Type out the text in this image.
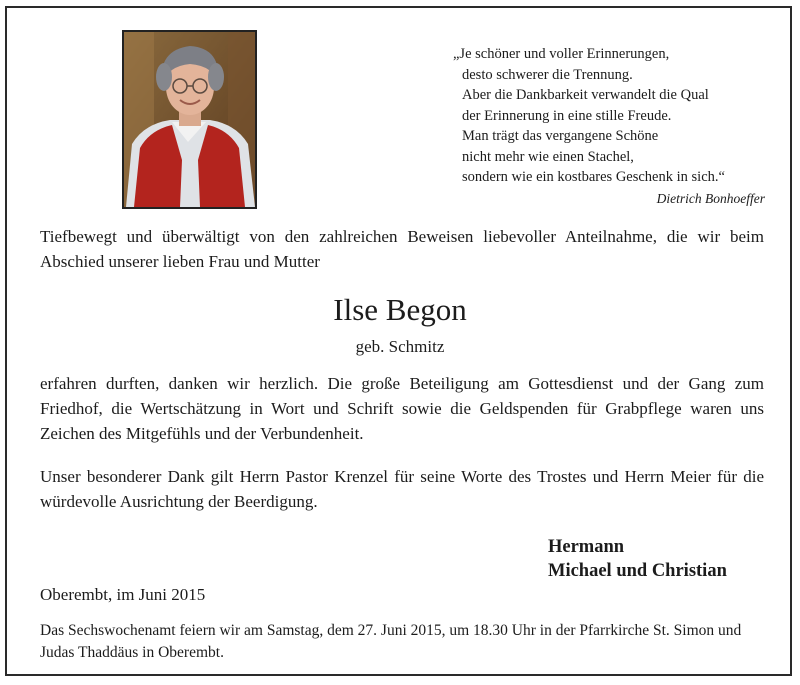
„Je schöner und voller Erinnerungen,
desto schwerer die Trennung.
Aber die Dankbarkeit verwandelt die Qual
der Erinnerung in eine stille Freude.
Man trägt das vergangene Schöne
nicht mehr wie einen Stachel,
sondern wie ein kostbares Geschenk in sich.“
Dietrich Bonhoeffer
Tiefbewegt und überwältigt von den zahlreichen Beweisen liebevoller Anteilnahme, die wir beim Abschied unserer lieben Frau und Mutter
Ilse Begon
geb. Schmitz
erfahren durften, danken wir herzlich. Die große Beteiligung am Gottesdienst und der Gang zum Friedhof, die Wertschätzung in Wort und Schrift sowie die Geldspenden für Grabpflege waren uns Zeichen des Mitgefühls und der Verbundenheit.
Unser besonderer Dank gilt Herrn Pastor Krenzel für seine Worte des Trostes und Herrn Meier für die würdevolle Ausrichtung der Beerdigung.
Hermann
Michael und Christian
Oberembt, im Juni 2015
Das Sechswochenamt feiern wir am Samstag, dem 27. Juni 2015, um 18.30 Uhr in der Pfarrkirche St. Simon und Judas Thaddäus in Oberembt.
